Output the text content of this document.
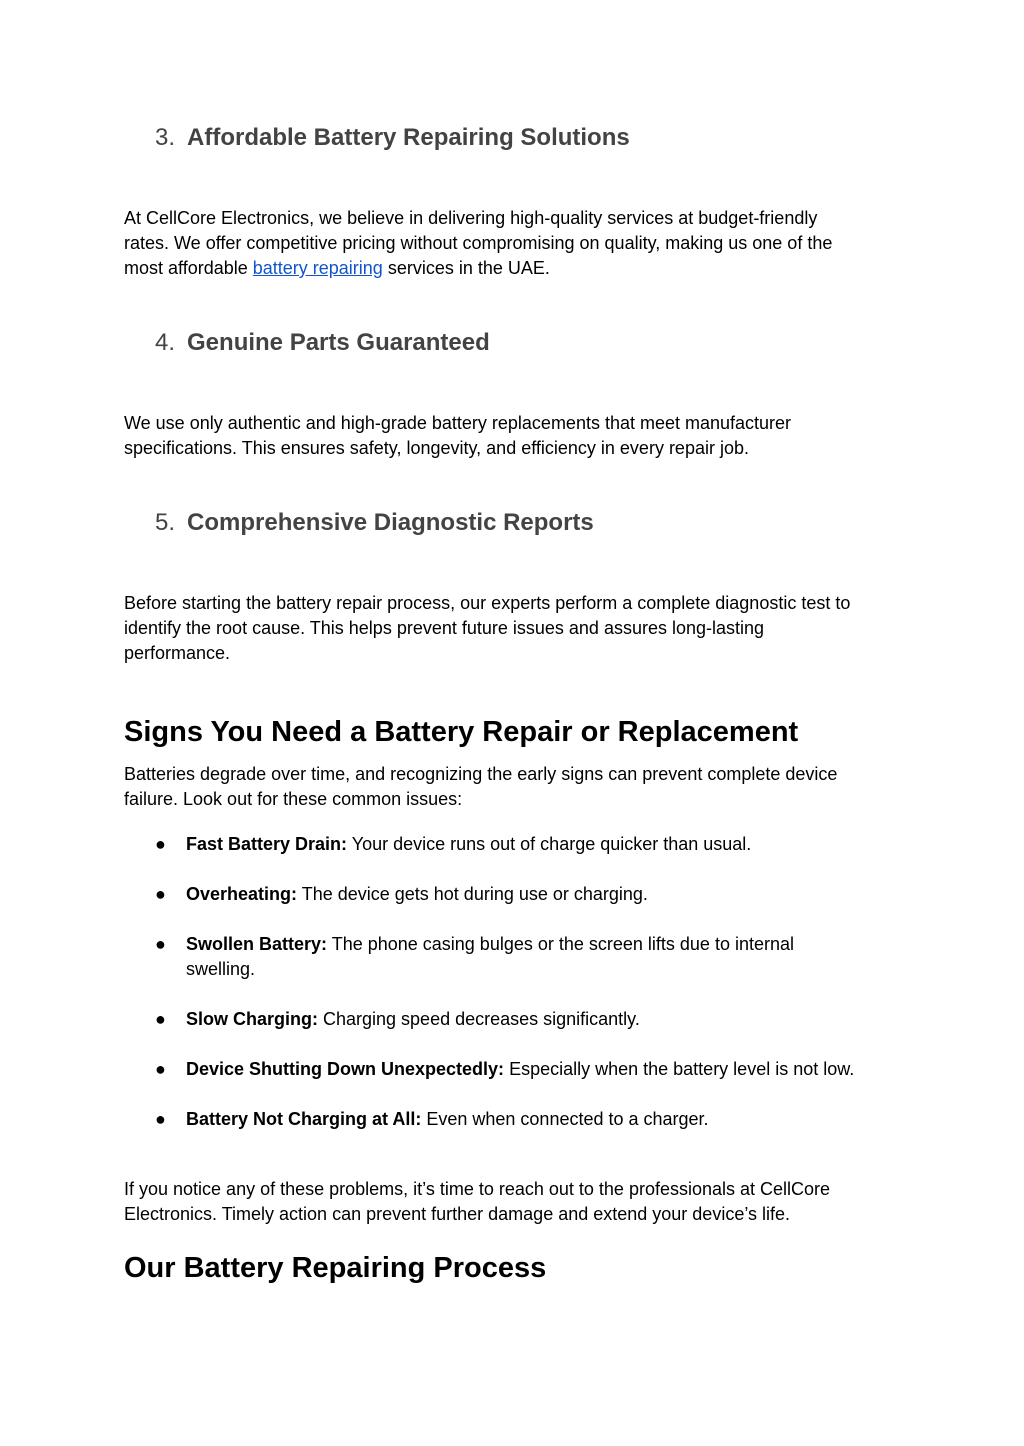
3. Affordable Battery Repairing Solutions
At CellCore Electronics, we believe in delivering high-quality services at budget-friendly
rates. We offer competitive pricing without compromising on quality, making us one of the
most affordable battery repairing services in the UAE.
4. Genuine Parts Guaranteed
We use only authentic and high-grade battery replacements that meet manufacturer
specifications. This ensures safety, longevity, and efficiency in every repair job.
5. Comprehensive Diagnostic Reports
Before starting the battery repair process, our experts perform a complete diagnostic test to
identify the root cause. This helps prevent future issues and assures long-lasting
performance.
Signs You Need a Battery Repair or Replacement
Batteries degrade over time, and recognizing the early signs can prevent complete device
failure. Look out for these common issues:
●	Fast Battery Drain: Your device runs out of charge quicker than usual.
●	Overheating: The device gets hot during use or charging.
●	Swollen Battery: The phone casing bulges or the screen lifts due to internal
swelling.
●	Slow Charging: Charging speed decreases significantly.
●	Device Shutting Down Unexpectedly: Especially when the battery level is not low.
●	Battery Not Charging at All: Even when connected to a charger.
If you notice any of these problems, it’s time to reach out to the professionals at CellCore
Electronics. Timely action can prevent further damage and extend your device’s life.
Our Battery Repairing Process
